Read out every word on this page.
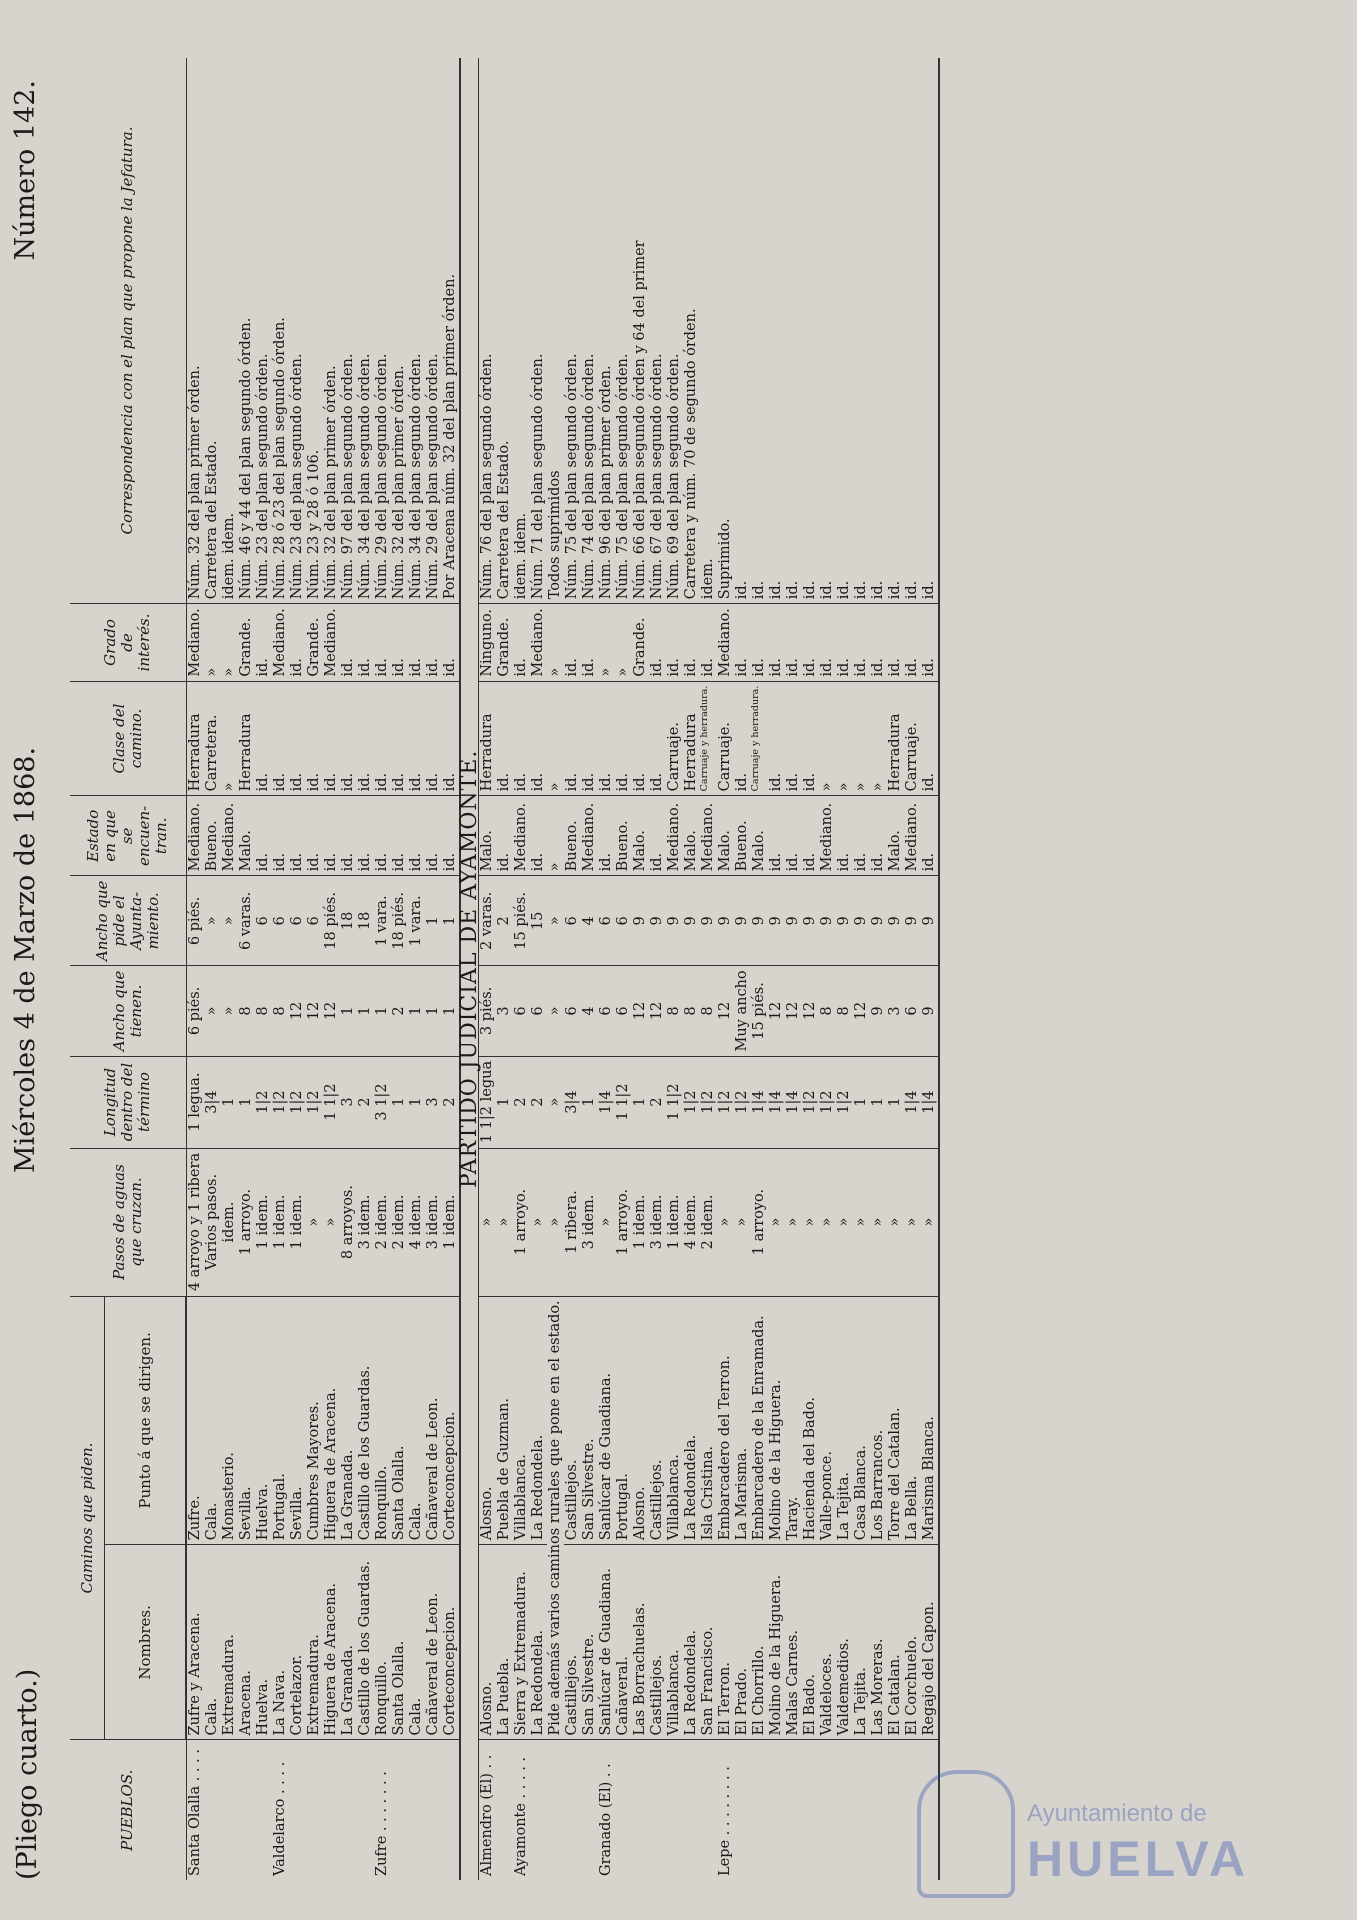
(Pliego cuarto.)
Miércoles 4 de Marzo de 1868.
Número 142.
PUEBLOS.	Caminos que piden.		Pasos de aguas que cruzan.	Longitud dentro del término	Ancho que tienen.	Ancho que pide el Ayunta-miento.	Estado en que se encuen-tran.	Clase del camino.	Grado de interés.	Correspondencia con el plan que propone la Jefatura.
	Nombres.	Punto á que se dirigen.								
Santa Olalla . . . .	Zufre y Aracena.	Zufre.	4 arroyo y 1 ribera	1 legua.	6 piés.	6 piés.	Mediano.	Herradura	Mediano.	Núm. 32 del plan primer órden.
	Cala.	Cala.	Varios pasos.	3|4	»	»	Bueno.	Carretera.	»	Carretera del Estado.
	Extremadura.	Monasterio.	idem.	1	»	»	Mediano.	»	»	idem. idem.
	Aracena.	Sevilla.	1 arroyo.	1	8	6 varas.	Malo.	Herradura	Grande.	Núm. 46 y 44 del plan segundo órden.
	Huelva.	Huelva.	1 idem.	1|2	8	6	id.	id.	id.	Núm. 23 del plan segundo órden.
Valdelarco . . . .	La Nava.	Portugal.	1 idem.	1|2	8	6	id.	id.	Mediano.	Núm. 28 ó 23 del plan segundo órden.
	Cortelazor.	Sevilla.	1 idem.	1|2	12	6	id.	id.	id.	Núm. 23 del plan segundo órden.
	Extremadura.	Cumbres Mayores.	»	1|2	12	6	id.	id.	Grande.	Núm. 23 y 28 ó 106.
	Higuera de Aracena.	Higuera de Aracena.	»	1 1|2	12	18 piés.	id.	id.	Mediano.	Núm. 32 del plan primer órden.
	La Granada.	La Granada.	8 arroyos.	3	1	18	id.	id.	id.	Núm. 97 del plan segundo órden.
	Castillo de los Guardas.	Castillo de los Guardas.	3 idem.	2	1	18	id.	id.	id.	Núm. 34 del plan segundo órden.
Zufre . . . . . . .	Ronquillo.	Ronquillo.	2 idem.	3 1|2	1	1 vara.	id.	id.	id.	Núm. 29 del plan segundo órden.
	Santa Olalla.	Santa Olalla.	2 idem.	1	2	18 piés.	id.	id.	id.	Núm. 32 del plan primer órden.
	Cala.	Cala.	4 idem.	1	1	1 vara.	id.	id.	id.	Núm. 34 del plan segundo órden.
	Cañaveral de Leon.	Cañaveral de Leon.	3 idem.	3	1	1	id.	id.	id.	Núm. 29 del plan segundo órden.
	Corteconcepcion.	Corteconcepcion.	1 idem.	2	1	1	id.	id.	id.	Por Aracena núm. 32 del plan primer órden.
PARTIDO JUDICIAL DE AYAMONTE.										
Almendro (El) . .	Alosno.	Alosno.	»	1 1|2 legua	3 piés.	2 varas.	Malo.	Herradura	Ninguno.	Núm. 76 del plan segundo órden.
	La Puebla.	Puebla de Guzman.	»	1	3	2	id.	id.	Grande.	Carretera del Estado.
Ayamonte . . . . .	Sierra y Extremadura.	Villablanca.	1 arroyo.	2	6	15 piés.	Mediano.	id.	id.	idem. idem.
	La Redondela.	La Redondela.	»	2	6	15	id.	id.	Mediano.	Núm. 71 del plan segundo órden.
	Pide además varios caminos rurales que pone en el estado.		»	»	»	»	»	»	»	Todos suprimidos
	Castillejos.	Castillejos.	1 ribera.	3|4	6	6	Bueno.	id.	id.	Núm. 75 del plan segundo órden.
	San Silvestre.	San Silvestre.	3 idem.	1	4	4	Mediano.	id.	id.	Núm. 74 del plan segundo órden.
Granado (El) . .	Sanlúcar de Guadiana.	Sanlúcar de Guadiana.	»	1|4	6	6	id.	id.	»	Núm. 96 del plan primer órden.
	Cañaveral.	Portugal.	1 arroyo.	1 1|2	6	6	Bueno.	id.	»	Núm. 75 del plan segundo órden.
	Las Borrachuelas.	Alosno.	1 idem.	1	12	9	Malo.	id.	Grande.	Núm. 66 del plan segundo órden y 64 del primer
	Castillejos.	Castillejos.	3 idem.	2	12	9	id.	id.	id.	Núm. 67 del plan segundo órden.
	Villablanca.	Villablanca.	1 idem.	1 1|2	8	9	Mediano.	Carruaje.	id.	Núm. 69 del plan segundo órden.
	La Redondela.	La Redondela.	4 idem.	1|2	8	9	Malo.	Herradura	id.	Carretera y núm. 70 de segundo órden.
	San Francisco.	Isla Cristina.	2 idem.	1|2	8	9	Mediano.	Carruaje y herradura.	id.	idem.
Lepe . . . . . . . .	El Terron.	Embarcadero del Terron.	»	1|2	12	9	Malo.	Carruaje.	Mediano.	Suprimido.
	El Prado.	La Marisma.	»	1|2	Muy ancho	9	Bueno.	id.	id.	id.
	El Chorrillo.	Embarcadero de la Enramada.	1 arroyo.	1|4	15 piés.	9	Malo.	Carruaje y herradura.	id.	id.
	Molino de la Higuera.	Molino de la Higuera.	»	1|4	12	9	id.	id.	id.	id.
	Malas Carnes.	Taray.	»	1|4	12	9	id.	id.	id.	id.
	El Bado.	Hacienda del Bado.	»	1|2	12	9	id.	id.	id.	id.
	Valdeloces.	Valle-ponce.	»	1|2	8	9	Mediano.	»	id.	id.
	Valdemedios.	La Tejita.	»	1|2	8	9	id.	»	id.	id.
	La Tejita.	Casa Blanca.	»	1	12	9	id.	»	id.	id.
	Las Moreras.	Los Barrancos.	»	1	9	9	id.	»	id.	id.
	El Catalan.	Torre del Catalan.	»	1	3	9	Malo.	Herradura	id.	id.
	El Corchuelo.	La Bella.	»	1|4	6	9	Mediano.	Carruaje.	id.	id.
	Regajo del Capon.	Marisma Blanca.	»	1|4	9	9	id.	id.	id.	id.
Ayuntamiento de
HUELVA
